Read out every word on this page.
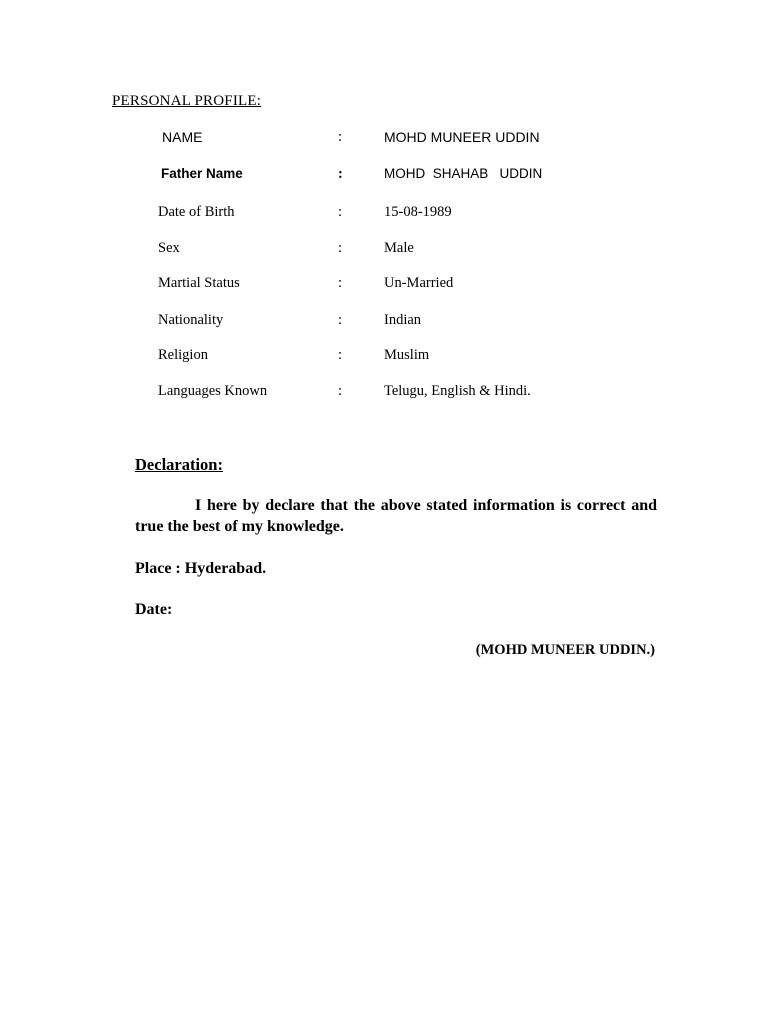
PERSONAL PROFILE:
NAME	:	MOHD MUNEER UDDIN
Father Name	:	MOHD  SHAHAB   UDDIN
Date of Birth	:	15-08-1989
Sex	:	Male
Martial Status	:	Un-Married
Nationality	:	Indian
Religion	:	Muslim
Languages Known	:	Telugu, English & Hindi.
Declaration:
I here by declare that the above stated information is correct and true the best of my knowledge.
Place : Hyderabad.
Date:
(MOHD MUNEER UDDIN.)
